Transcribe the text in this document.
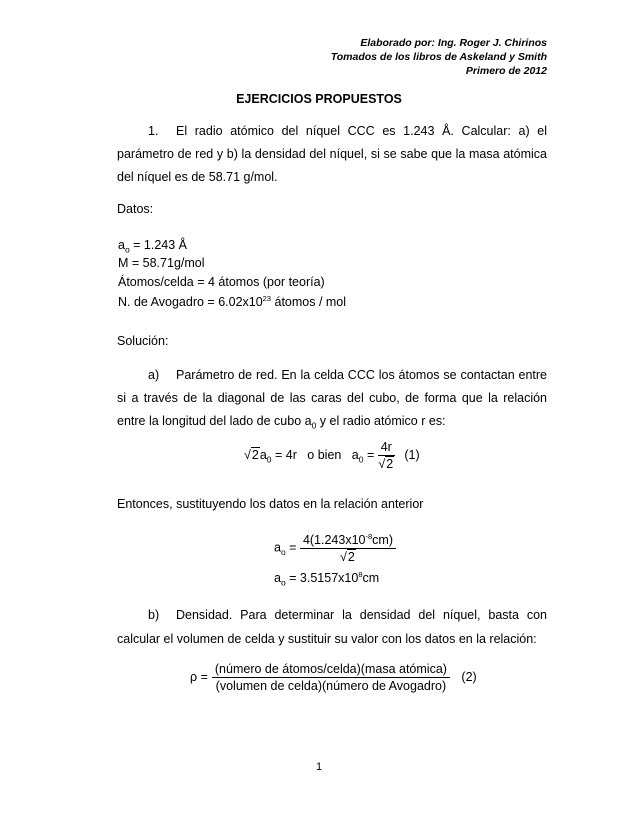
Elaborado por: Ing. Roger J. Chirinos
Tomados de los libros de Askeland y Smith
Primero de 2012
EJERCICIOS PROPUESTOS
1. El radio atómico del níquel CCC es 1.243 Å. Calcular: a) el
parámetro de red y b) la densidad del níquel, si se sabe que la masa atómica
del níquel es de 58.71 g/mol.
Datos:
$a_o = 1.243$ Å
M = 58.71g/mol
Átomos/celda = 4 átomos (por teoría)
N. de Avogadro = $6.02x10^{23}$ átomos / mol
Solución:
a) Parámetro de red. En la celda CCC los átomos se contactan entre
si a través de la diagonal de las caras del cubo, de forma que la relación
entre la longitud del lado de cubo $a_0$ y el radio atómico r es:
$√2a_0 = 4r$   o bien   $a_0 = \frac{4r}{√2} (1)$
Entonces, sustituyendo los datos en la relación anterior
$a_o = \frac{4(1.243x10^{-8}cm)}{√2}$
$a_o = 3.5157x10^8cm$
b) Densidad. Para determinar la densidad del níquel, basta con
calcular el volumen de celda y sustituir su valor con los datos en la relación:
$\rho = \frac{\text{(número de átomos/celda)(masa atómica)}}{\text{(volumen de celda)(número de Avogadro)}} (2)$
1
